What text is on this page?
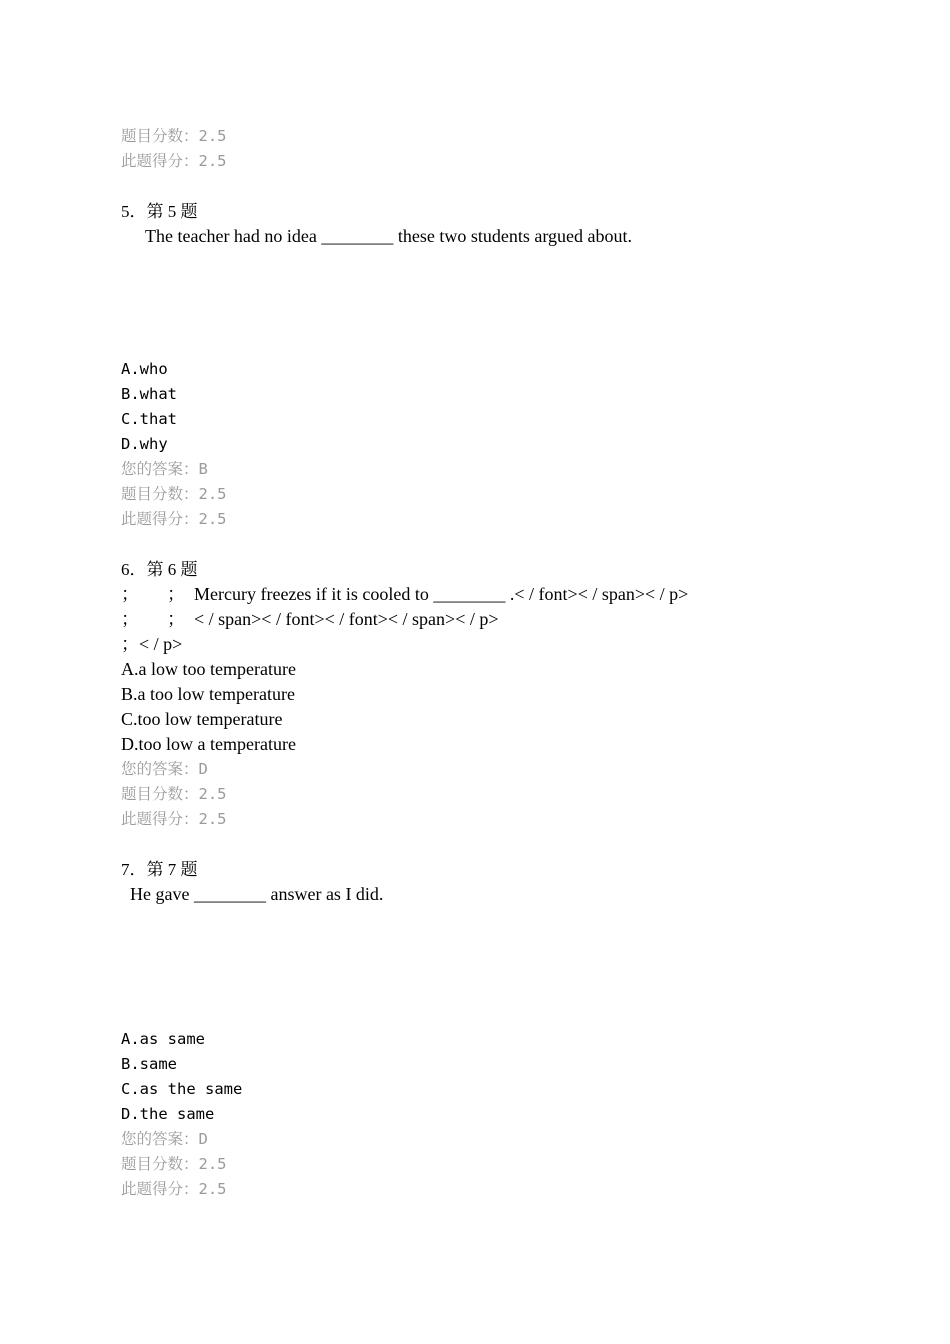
题目分数：2.5
此题得分：2.5
5．第 5 题
The teacher had no idea ________ these two students argued about.
A.who
B.what
C.that
D.why
您的答案：B
题目分数：2.5
此题得分：2.5
6．第 6 题
； ； Mercury freezes if it is cooled to ________ .< / font>< / span>< / p>
； ； < / span>< / font>< / font>< / span>< / p>
；< / p>
A.a low too temperature
B.a too low temperature
C.too low temperature
D.too low a temperature
您的答案：D
题目分数：2.5
此题得分：2.5
7．第 7 题
He gave ________ answer as I did.
A.as same
B.same
C.as the same
D.the same
您的答案：D
题目分数：2.5
此题得分：2.5
